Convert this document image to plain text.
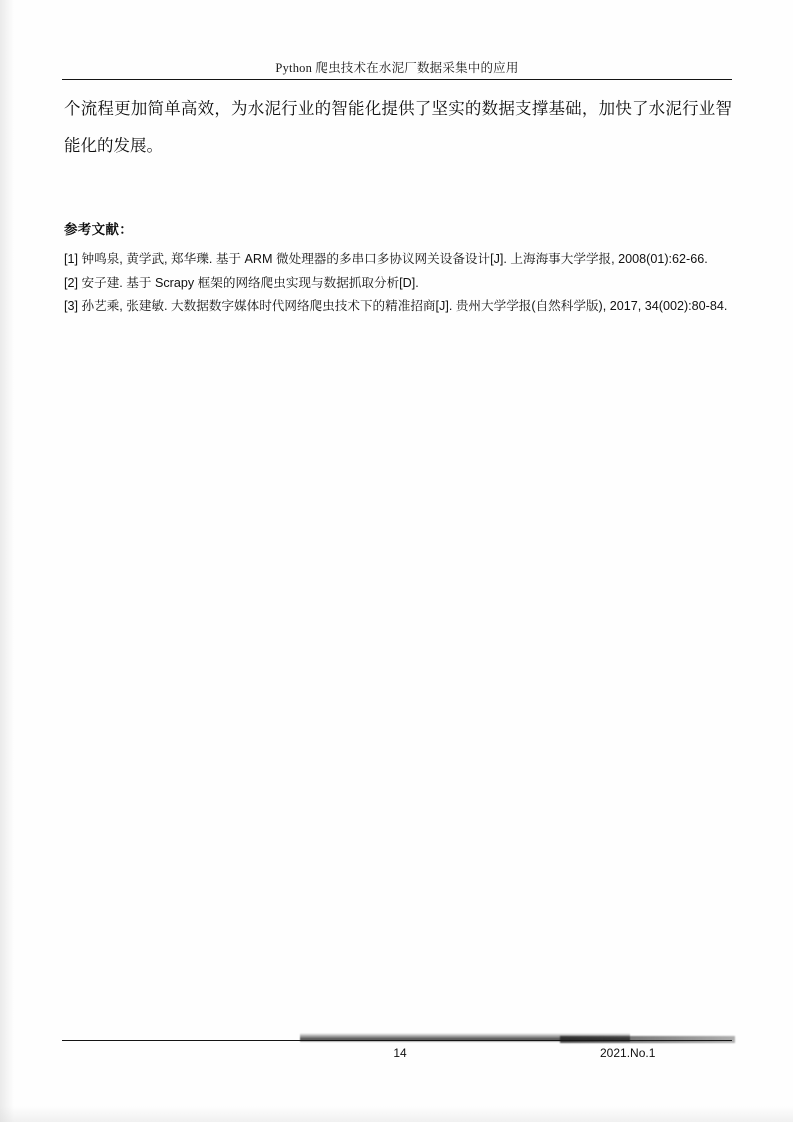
Python 爬虫技术在水泥厂数据采集中的应用
个流程更加简单高效，为水泥行业的智能化提供了坚实的数据支撑基础，加快了水泥行业智能化的发展。
参考文献：
[1] 钟鸣泉, 黄学武, 郑华瓅. 基于 ARM 微处理器的多串口多协议网关设备设计[J]. 上海海事大学学报, 2008(01):62-66.
[2] 安子建. 基于 Scrapy 框架的网络爬虫实现与数据抓取分析[D].
[3] 孙艺乘, 张建敏. 大数据数字媒体时代网络爬虫技术下的精准招商[J]. 贵州大学学报(自然科学版), 2017, 34(002):80-84.
14	2021.No.1
